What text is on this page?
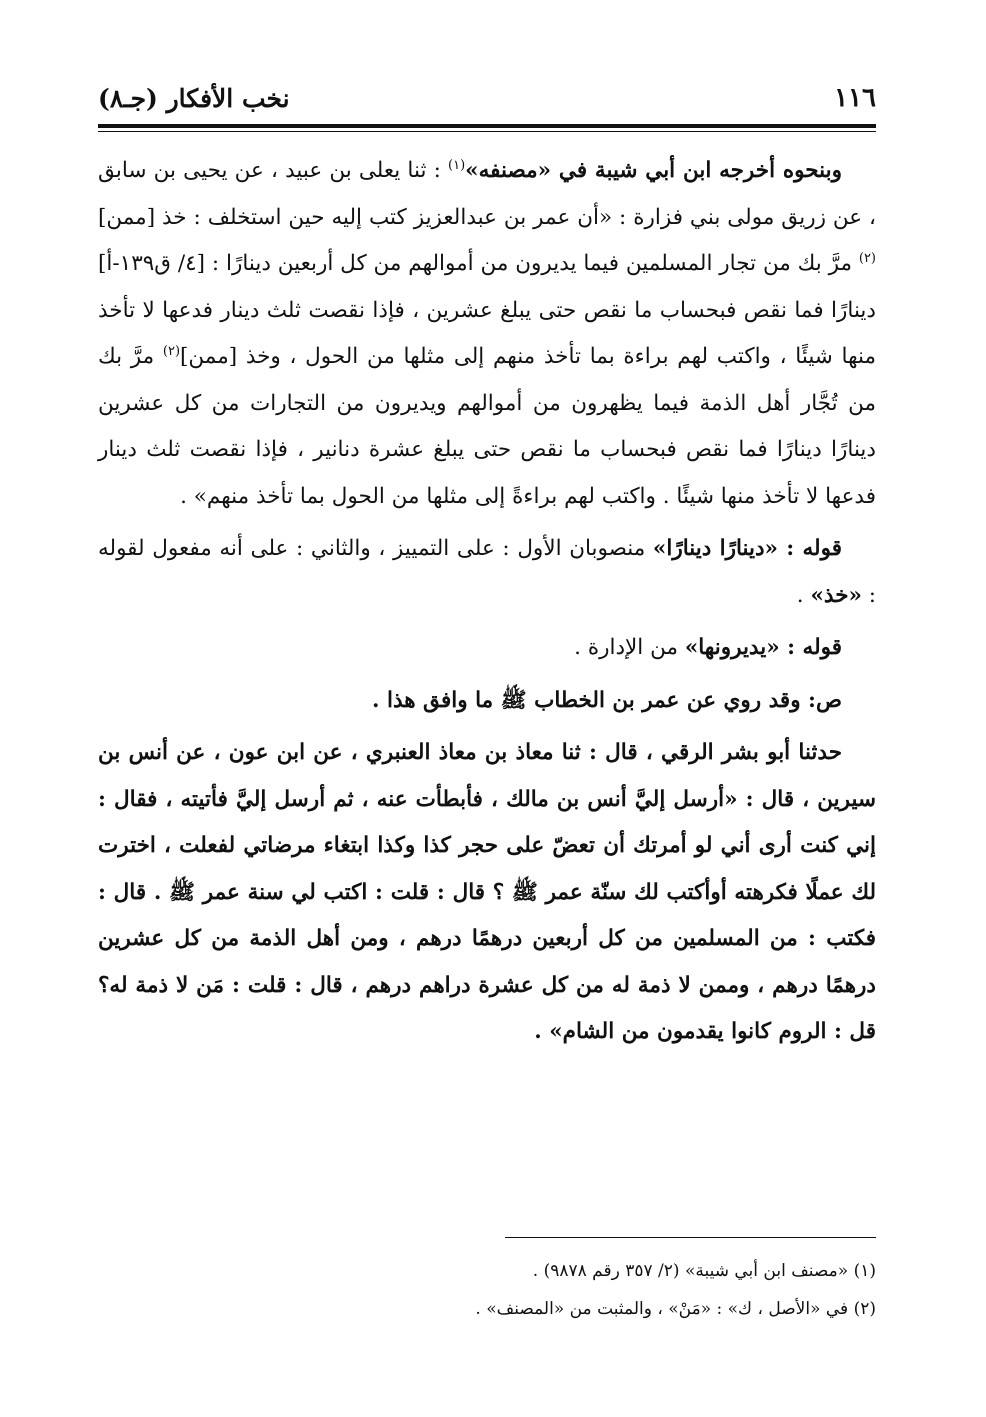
١١٦
نخب الأفكار (جـ٨)

وبنحوه أخرجه ابن أبي شيبة في «مصنفه»$^{(١)}$ : ثنا يعلى بن عبيد ، عن يحيى بن سابق ، عن زريق مولى بني فزارة : «أن عمر بن عبدالعزيز كتب إليه حين استخلف : خذ [ممن]$^{(٢)}$ مرَّ بك من تجار المسلمين فيما يديرون من أموالهم من كل أربعين دينارًا : [٤/ ق١٣٩-أ] دينارًا فما نقص فبحساب ما نقص حتى يبلغ عشرين ، فإذا نقصت ثلث دينار فدعها لا تأخذ منها شيئًا ، واكتب لهم براءة بما تأخذ منهم إلى مثلها من الحول ، وخذ [ممن]$^{(٢)}$ مرَّ بك من تُجَّار أهل الذمة فيما يظهرون من أموالهم ويديرون من التجارات من كل عشرين دينارًا دينارًا فما نقص فبحساب ما نقص حتى يبلغ عشرة دنانير ، فإذا نقصت ثلث دينار فدعها لا تأخذ منها شيئًا . واكتب لهم براءةً إلى مثلها من الحول بما تأخذ منهم» .

قوله : «دينارًا دينارًا» منصوبان الأول : على التمييز ، والثاني : على أنه مفعول لقوله : «خذ» .

قوله : «يديرونها» من الإدارة .

ص: وقد روي عن عمر بن الخطاب ﷺ ما وافق هذا .

حدثنا أبو بشر الرقي ، قال : ثنا معاذ بن معاذ العنبري ، عن ابن عون ، عن أنس بن سيرين ، قال : «أرسل إليَّ أنس بن مالك ، فأبطأت عنه ، ثم أرسل إليَّ فأتيته ، فقال : إني كنت أرى أني لو أمرتك أن تعضّ على حجر كذا وكذا ابتغاء مرضاتي لفعلت ، اخترت لك عملًا فكرهته أوأكتب لك سنّة عمر ﷺ ؟ قال : قلت : اكتب لي سنة عمر ﷺ . قال : فكتب : من المسلمين من كل أربعين درهمًا درهم ، ومن أهل الذمة من كل عشرين درهمًا درهم ، وممن لا ذمة له من كل عشرة دراهم درهم ، قال : قلت : مَن لا ذمة له؟ قل : الروم كانوا يقدمون من الشام» .

(١) «مصنف ابن أبي شيبة» (٢/ ٣٥٧ رقم ٩٨٧٨) .

(٢) في «الأصل ، ك» : «مَنْ» ، والمثبت من «المصنف» .
